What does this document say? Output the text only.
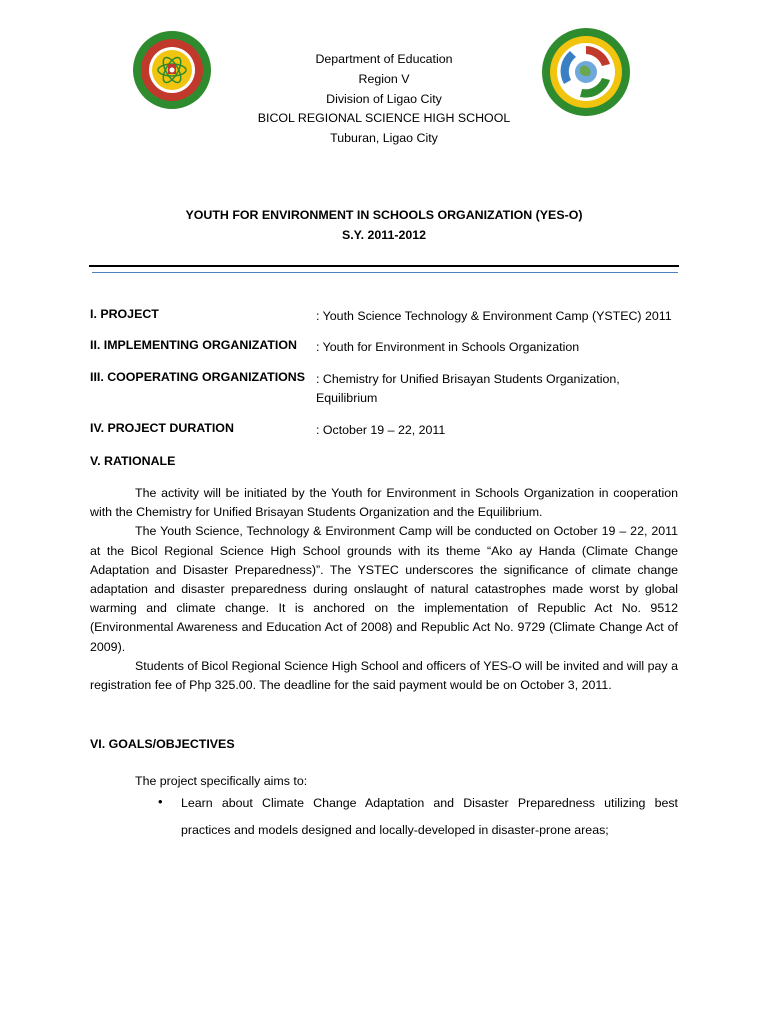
Department of Education
Region V
Division of Ligao City
BICOL REGIONAL SCIENCE HIGH SCHOOL
Tuburan, Ligao City
YOUTH FOR ENVIRONMENT IN SCHOOLS ORGANIZATION (YES-O)
S.Y. 2011-2012
I. PROJECT	: Youth Science Technology & Environment Camp (YSTEC) 2011
II. IMPLEMENTING ORGANIZATION : Youth for Environment in Schools Organization
III. COOPERATING ORGANIZATIONS : Chemistry for Unified Brisayan Students Organization, Equilibrium
IV. PROJECT DURATION	: October 19 – 22, 2011
V. RATIONALE

The activity will be initiated by the Youth for Environment in Schools Organization in cooperation with the Chemistry for Unified Brisayan Students Organization and the Equilibrium.

The Youth Science, Technology & Environment Camp will be conducted on October 19 – 22, 2011 at the Bicol Regional Science High School grounds with its theme “Ako ay Handa (Climate Change Adaptation and Disaster Preparedness)”. The YSTEC underscores the significance of climate change adaptation and disaster preparedness during onslaught of natural catastrophes made worst by global warming and climate change. It is anchored on the implementation of Republic Act No. 9512 (Environmental Awareness and Education Act of 2008) and Republic Act No. 9729 (Climate Change Act of 2009).

Students of Bicol Regional Science High School and officers of YES-O will be invited and will pay a registration fee of Php 325.00. The deadline for the said payment would be on October 3, 2011.

VI. GOALS/OBJECTIVES
The project specifically aims to:
• Learn about Climate Change Adaptation and Disaster Preparedness utilizing best practices and models designed and locally-developed in disaster-prone areas;
